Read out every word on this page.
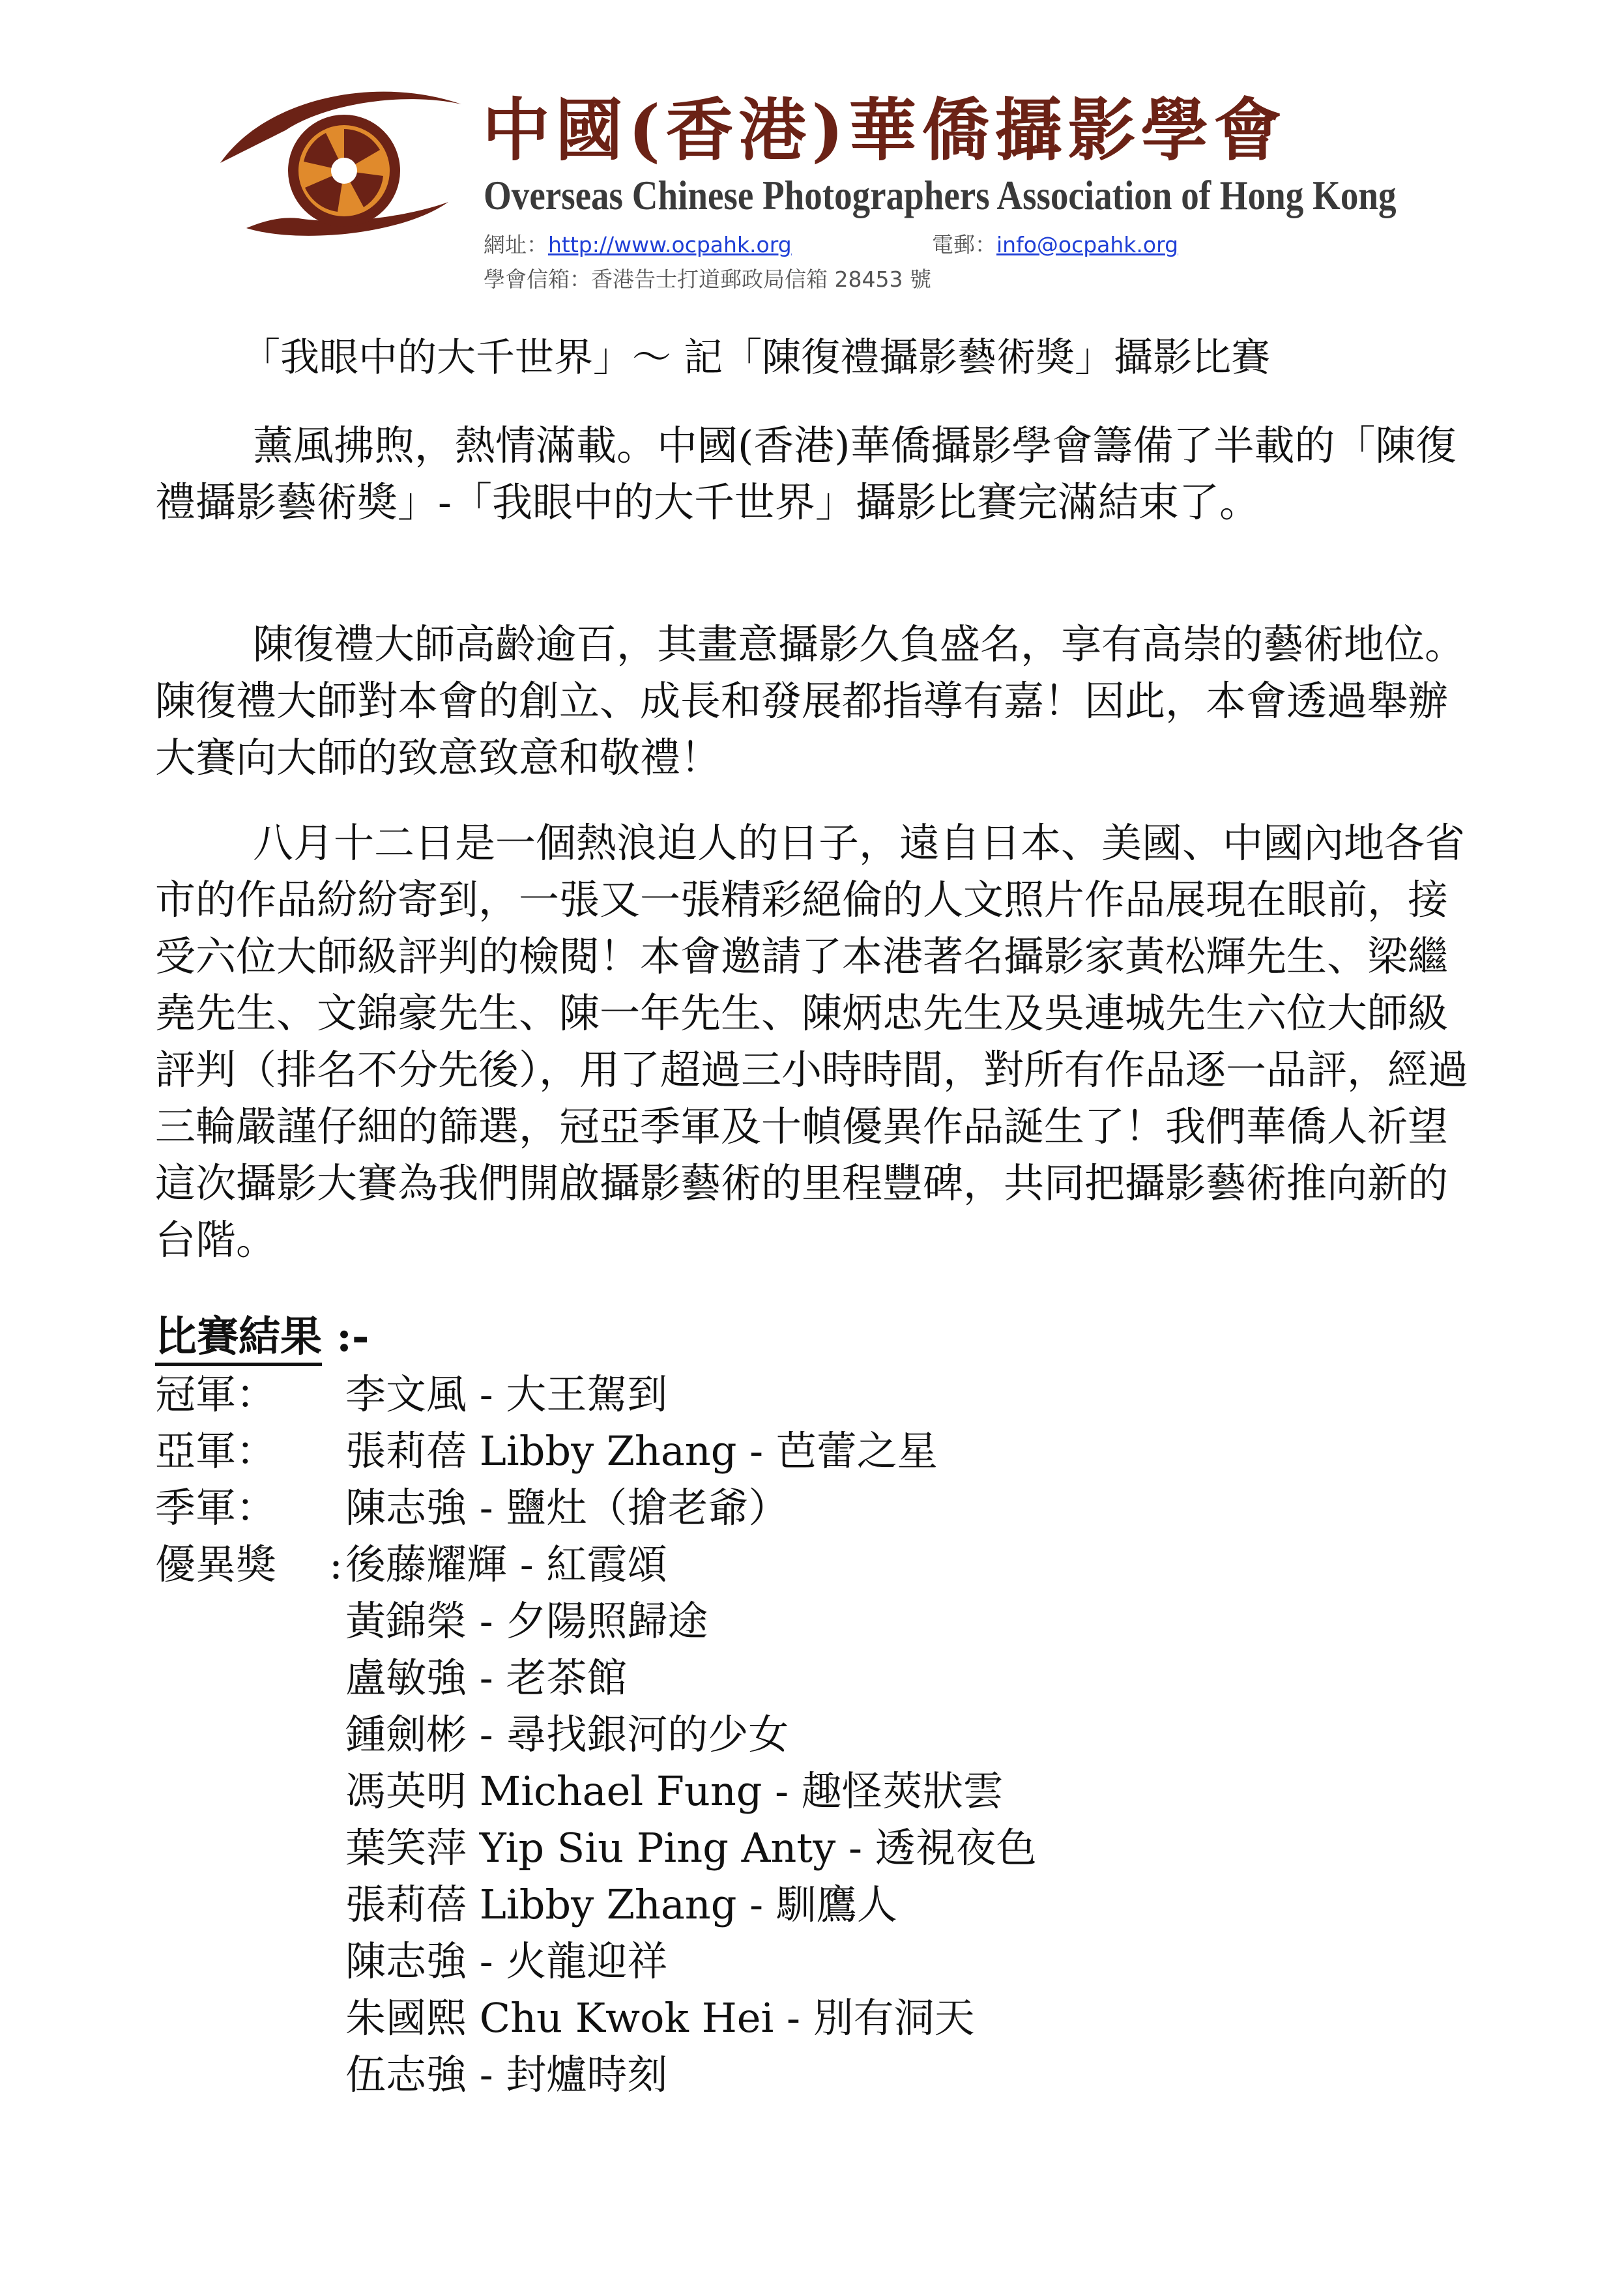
中國(香港)華僑攝影學會
Overseas Chinese Photographers Association of Hong Kong
網址：http://www.ocpahk.org	電郵：info@ocpahk.org
學會信箱：香港告士打道郵政局信箱 28453 號
「我眼中的大千世界」～ 記「陳復禮攝影藝術獎」攝影比賽

薰風拂煦，熱情滿載。中國(香港)華僑攝影學會籌備了半載的「陳復禮攝影藝術獎」-「我眼中的大千世界」攝影比賽完滿結束了。

陳復禮大師高齡逾百，其畫意攝影久負盛名，享有高崇的藝術地位。陳復禮大師對本會的創立、成長和發展都指導有嘉！因此，本會透過舉辦大賽向大師的致意致意和敬禮！

八月十二日是一個熱浪迫人的日子，遠自日本、美國、中國內地各省市的作品紛紛寄到，一張又一張精彩絕倫的人文照片作品展現在眼前，接受六位大師級評判的檢閱！本會邀請了本港著名攝影家黃松輝先生、梁繼堯先生、文錦豪先生、陳一年先生、陳炳忠先生及吳連城先生六位大師級評判（排名不分先後），用了超過三小時時間，對所有作品逐一品評，經過三輪嚴謹仔細的篩選，冠亞季軍及十幀優異作品誕生了！我們華僑人祈望這次攝影大賽為我們開啟攝影藝術的里程豐碑，共同把攝影藝術推向新的台階。

比賽結果 :-
冠軍： 李文風 - 大王駕到
亞軍： 張莉蓓 Libby Zhang - 芭蕾之星
季軍： 陳志強 - 鹽灶（搶老爺）
優異獎 : 後藤耀輝 - 紅霞頌
黃錦榮 - 夕陽照歸途
盧敏強 - 老茶館
鍾劍彬 - 尋找銀河的少女
馮英明 Michael Fung - 趣怪莢狀雲
葉笑萍 Yip Siu Ping Anty - 透視夜色
張莉蓓 Libby Zhang - 馴鷹人
陳志強 - 火龍迎祥
朱國熙 Chu Kwok Hei - 別有洞天
伍志強 - 封爐時刻
